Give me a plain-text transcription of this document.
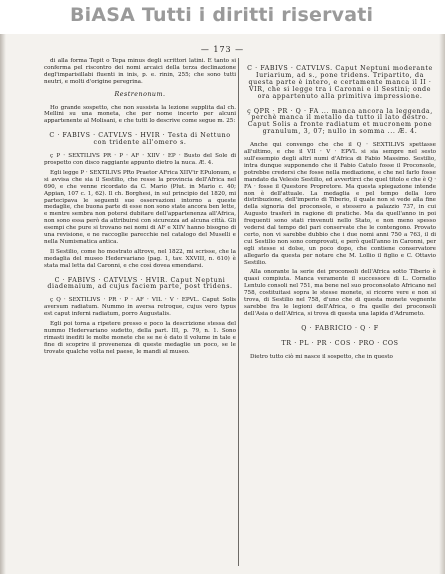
BiASA Tutti i diritti riservati
— 173 —

di alla forma Tepit o Tepa minus degli scrittori latini. E tanto si conferma pel riscontro dei nomi arcaici della terza declinazione degl'imparisillabi fluenti in inis, p. e. rinin, 255; che sono tutti neutri, e molti d'origine peregrina.

Restrenonum.

Ho grande sospetto, che non sussista la lezione supplita dal ch. Mellini su una moneta, che per nome incerto per alcuni appartenente al Molisani, e che tutti lo descrive come segue m. 25:

C · FABIVS · CATVLVS · HVIR · Testa di Nettuno con tridente all'omero s.

ç P · SEXTILIVS PR · P · AF · XIIV · EP · Busto del Sole di prospetto con disco raggiante appunto dietro la nuca. Æ. 4.

Egli legge P · SEXTILIVS PRo Praetor AFrica XIIV'ir EPulonum, e si avvisa che sia il Sestilio, che resse la provincia dell'Africa nel 690, e che venne ricordato da C. Mario (Plut. in Mario c. 40; Appian, 107 c. 1, 62). Il ch. Borghesi, in sul principio del 1820, mi partecipava le seguenti sue osservazioni intorno a queste medaglie, che buona parte di esse non sono state ancora ben lette, e mentre sembra non potersi dubitare dell'appartenenza all'Africa, non sono essa però da attribuirsi con sicurezza ad alcuna città. Gli esempi che pure si trovano nei nomi di AF e XIIV hanno bisogno di una revisione, e ne raccoglie parecchie nel catalogo del Muselli e nella Numismatica antica.

Il Sestilio, come ho mostrato altrove, nel 1822, mi scrisse, che la medaglia del museo Hedervariano (pag. 1, tav. XXVIII, n. 610) è stata mal letta dal Caronni, e che così dovea emendarsi.

C · FABIVS · CATVLVS · HVIR. Caput Neptuni diademaium, ad cujus faciem parte, post tridens.

ç Q · SEXTILIVS · PR · P · AF · VIL · V · EPVL. Caput Solis aversum radiatum. Nummo in aversa retroque, cujus vero typus est caput inferni radiatum, porro Augustalis.

Egli poi torna a ripetere presso e poco la descrizione stessa del nummo Hedervariano sudetto, della part. III, p. 79, n. 1. Sono rimasti inediti le molte monete che se ne è dato il volume in tale e fine di scoprire il provenenza di queste medaglie un poco, se le trovate qualche volta nel paese, le mandi al museo.

C · FABIVS · CATVLVS. Caput Neptuni moderante Iuriarium, ad s., pone tridens. Tripartito, da questa parte è intero, e certamente manca il II · VIR, che si legge tra i Caronni e il Sestini; onde ora appartenuto alla primitiva impressione.

ç QPR · PR · Q · FA ... manca ancora la leggenda, perchè manca il metallo da tutto il lato destro. Caput Solis a fronte radiatum et mucronem pone granulum, 3, 07; nullo in somma ... Æ. 4.

Anche qui convengo che che il Q · SEXTILIVS spettasse all'ultimo, e che il VII · V · EPVL si sia sempre nel sesto sull'esempio degli altri numi d'Africa di Fabio Massimo. Sestilio, intra dunque supponendo che il Fabio Catulo fosse il Proconsole, potrebbe credersi che fosse nella mediazione, e che nel farlo fosse mandato da Velesio Sestilio, ed avvertirci che quel titolo e che è Q · FA · fosse il Questore Propretore. Ma questa spiegazione intende non è dell'attuale. La medaglia e pel tempo della loro distribuzione, dell'imperio di Tiberio, il quale non si vede alla fine della signoria del proconsole, e stessero a palazzio 737, in cui Augusto trasferì in ragione di pratiche. Ma da quell'anno in poi frequenti sono stati rinvenuti nello Stato, e non meno spesso vedersi dal tempo del pari conservate che le contengono. Provato certo, non vi sarebbe dubbio che i due nomi anni 750 a 763, il di cui Sestilio non sono comprovati, e però quell'anno in Caronni, per egli stesse si dolse, un poco dopo, che contiene conservatore allegarlo da questa per notare che M. Lollio il figlio e C. Ottavio Sestilio.

Alla onorante la serie dei proconsoli dell'Africa sotto Tiberio è quasi compiuta. Manca veramente il successore di L. Cornelio Lentulo consoli nel 751, ma bene nel suo proconsolato Africano nel 758, costituitasi sopra le stesse monete, si ricorre vere e non si trova, di Sestilio nel 758, d'uno che di questa monete vegnente sarebbe fra le legioni dell'Africa, o fra quelle dei proconsoli dell'Asia o dell'Africa, si trova di questa una lapida d'Adrumeto.

Q · FABRICIO · Q · F

TR · PL · PR · COS · PRO · COS

Dietro tutto ciò mi nasce il sospetto, che in questo
